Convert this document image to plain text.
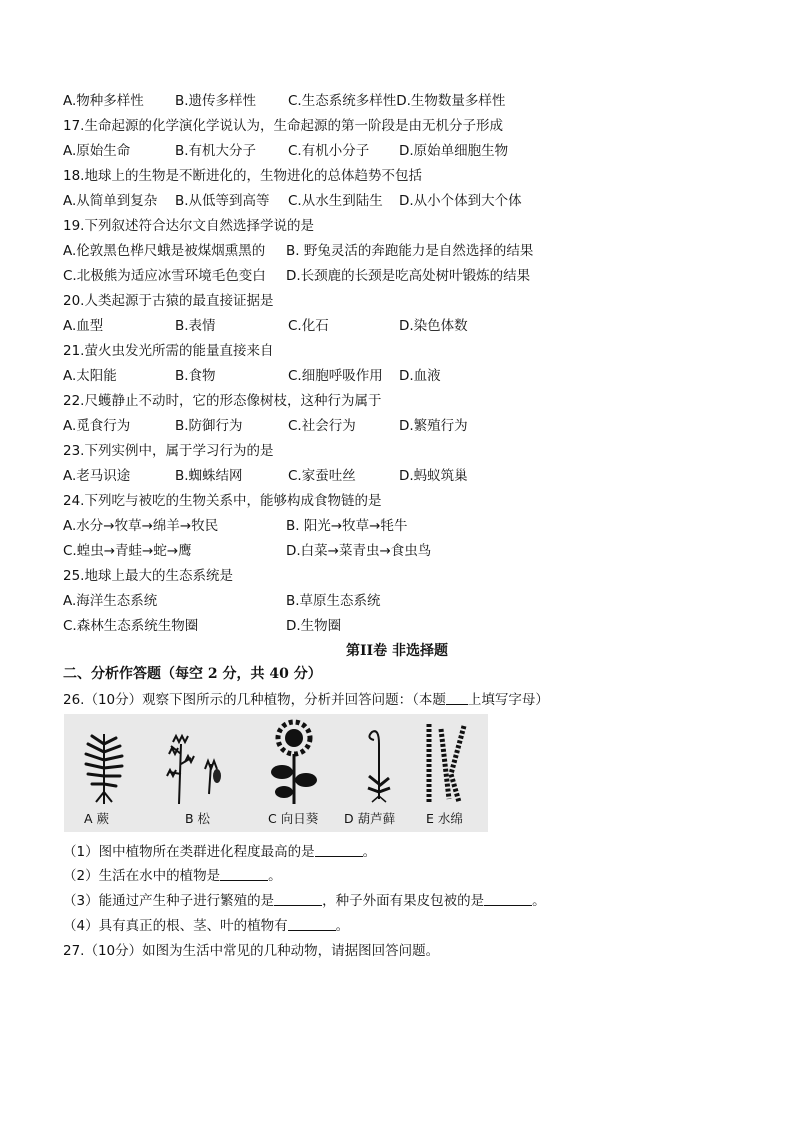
A.物种多样性 B.遗传多样性 C.生态系统多样性D.生物数量多样性
17.生命起源的化学演化学说认为，生命起源的第一阶段是由无机分子形成
A.原始生命	B.有机大分子 C.有机小分子 D.原始单细胞生物
18.地球上的生物是不断进化的，生物进化的总体趋势不包括
A.从简单到复杂 B.从低等到高等 C.从水生到陆生 D.从小个体到大个体
19.下列叙述符合达尔文自然选择学说的是
A.伦敦黑色桦尺蛾是被煤烟熏黑的 B. 野兔灵活的奔跑能力是自然选择的结果
C.北极熊为适应冰雪环境毛色变白 D.长颈鹿的长颈是吃高处树叶锻炼的结果
20.人类起源于古猿的最直接证据是
A.血型	B.表情	C.化石	D.染色体数
21.萤火虫发光所需的能量直接来自
A.太阳能	B.食物	C.细胞呼吸作用 D.血液
22.尺蠖静止不动时，它的形态像树枝，这种行为属于
A.觅食行为	B.防御行为	C.社会行为	D.繁殖行为
23.下列实例中，属于学习行为的是
A.老马识途	B.蜘蛛结网	C.家蚕吐丝	D.蚂蚁筑巢
24.下列吃与被吃的生物关系中，能够构成食物链的是
A.水分→牧草→绵羊→牧民	B. 阳光→牧草→牦牛
C.蝗虫→青蛙→蛇→鹰	D.白菜→菜青虫→食虫鸟
25.地球上最大的生态系统是
A.海洋生态系统	B.草原生态系统
C.森林生态系统生物圈	D.生物圈
第II卷 非选择题
二、分析作答题（每空 2 分，共 40 分）
26.（10分）观察下图所示的几种植物，分析并回答问题：（本题 上填写字母）
A 蕨	B 松	C 向日葵 D 葫芦藓 E 水绵
（1）图中植物所在类群进化程度最高的是	。
（2）生活在水中的植物是	。
（3）能通过产生种子进行繁殖的是	，种子外面有果皮包被的是	。
（4）具有真正的根、茎、叶的植物有	。
27.（10分）如图为生活中常见的几种动物，请据图回答问题。
